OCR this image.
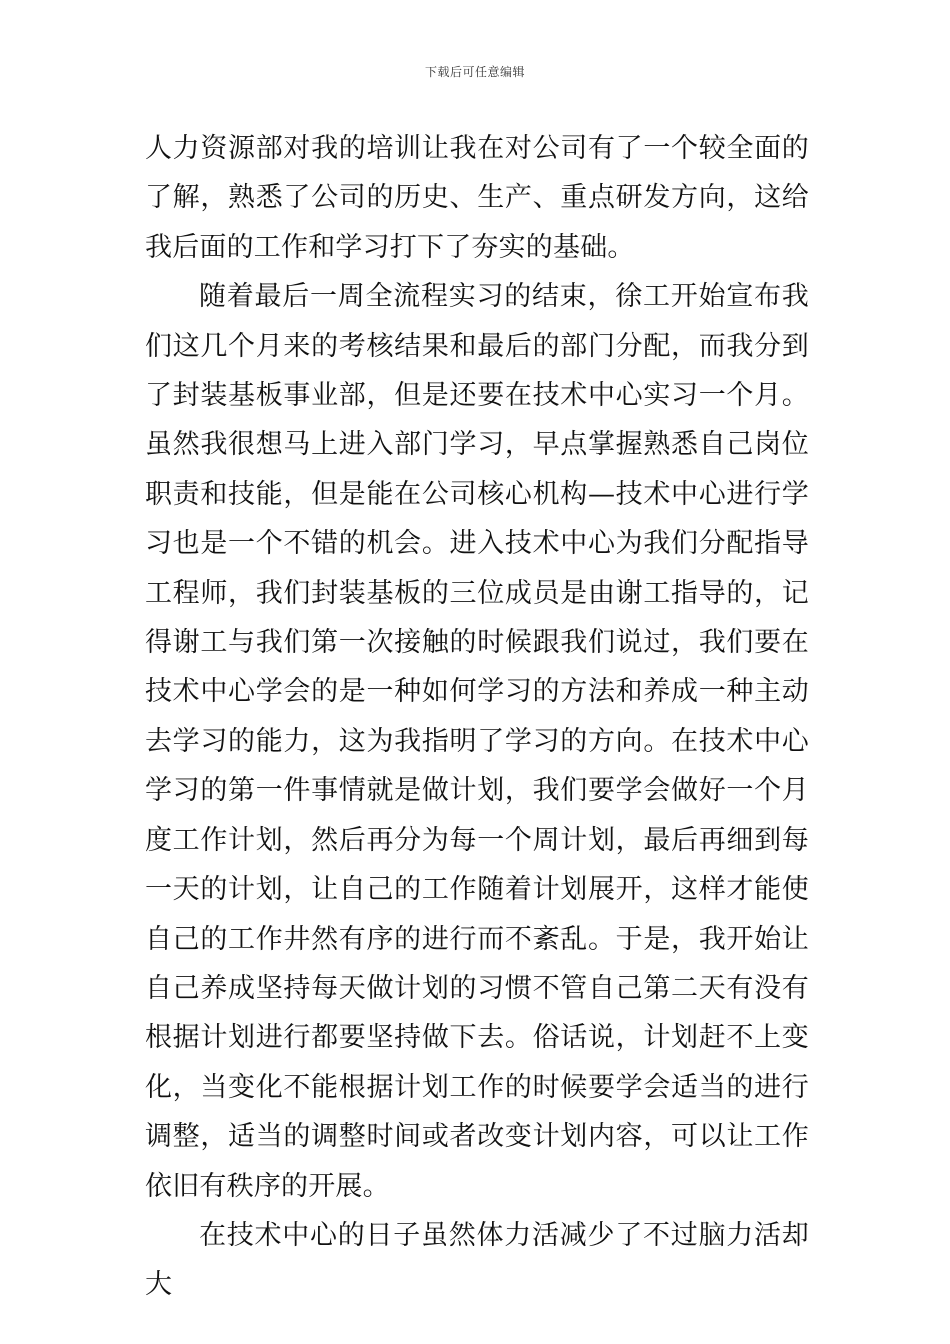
下载后可任意编辑

人力资源部对我的培训让我在对公司有了一个较全面的了解，熟悉了公司的历史、生产、重点研发方向，这给我后面的工作和学习打下了夯实的基础。

随着最后一周全流程实习的结束，徐工开始宣布我们这几个月来的考核结果和最后的部门分配，而我分到了封装基板事业部，但是还要在技术中心实习一个月。虽然我很想马上进入部门学习，早点掌握熟悉自己岗位职责和技能，但是能在公司核心机构—技术中心进行学习也是一个不错的机会。进入技术中心为我们分配指导工程师，我们封装基板的三位成员是由谢工指导的，记得谢工与我们第一次接触的时候跟我们说过，我们要在技术中心学会的是一种如何学习的方法和养成一种主动去学习的能力，这为我指明了学习的方向。在技术中心学习的第一件事情就是做计划，我们要学会做好一个月度工作计划，然后再分为每一个周计划，最后再细到每一天的计划，让自己的工作随着计划展开，这样才能使自己的工作井然有序的进行而不紊乱。于是，我开始让自己养成坚持每天做计划的习惯不管自己第二天有没有根据计划进行都要坚持做下去。俗话说，计划赶不上变化，当变化不能根据计划工作的时候要学会适当的进行调整，适当的调整时间或者改变计划内容，可以让工作依旧有秩序的开展。

在技术中心的日子虽然体力活减少了不过脑力活却大
